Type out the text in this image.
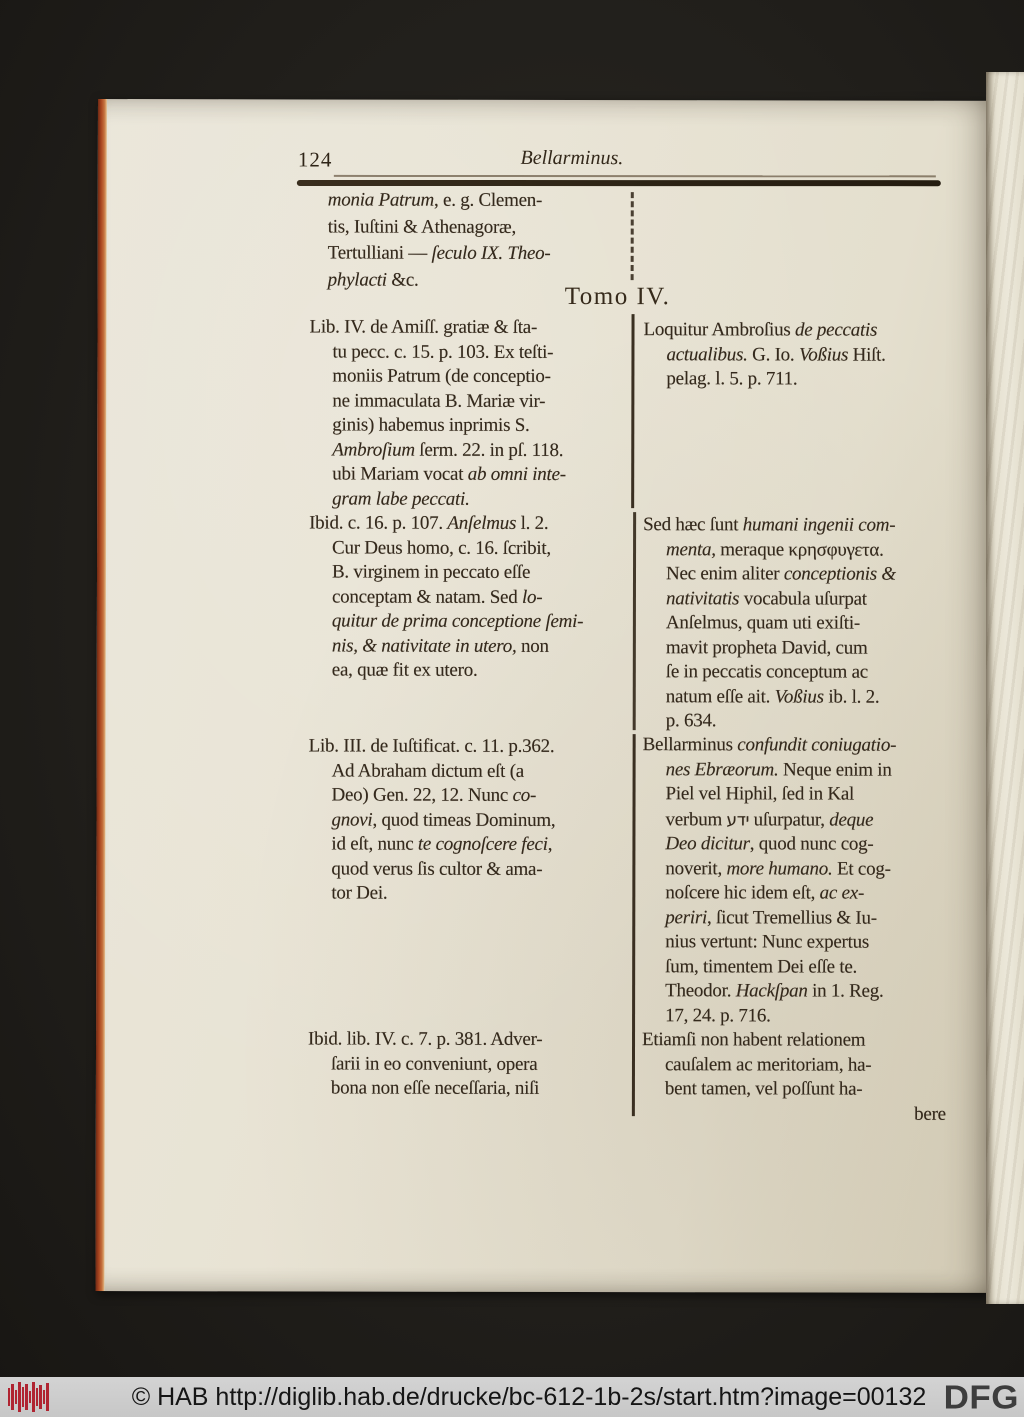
124	Bellarminus.
monia Patrum, e. g. Clemen-
tis, Iuſtini & Athenagoræ,
Tertulliani — ſeculo IX. Theo-
phylacti &c.
Tomo IV.
Lib. IV. de Amiſſ. gratiæ & ſta-
tu pecc. c. 15. p. 103. Ex teſti-
moniis Patrum (de conceptio-
ne immaculata B. Mariæ vir-
ginis) habemus inprimis S.
Ambroſium ſerm. 22. in pſ. 118.
ubi Mariam vocat ab omni inte-
gram labe peccati.
Ibid. c. 16. p. 107. Anſelmus l. 2.
Cur Deus homo, c. 16. ſcribit,
B. virginem in peccato eſſe
conceptam & natam. Sed lo-
quitur de prima conceptione ſemi-
nis, & nativitate in utero, non
ea, quæ fit ex utero.
Lib. III. de Iuſtificat. c. 11. p.362.
Ad Abraham dictum eſt (a
Deo) Gen. 22, 12. Nunc co-
gnovi, quod timeas Dominum,
id eſt, nunc te cognoſcere feci,
quod verus ſis cultor & ama-
tor Dei.
Ibid. lib. IV. c. 7. p. 381. Adver-
ſarii in eo conveniunt, opera
bona non eſſe neceſſaria, niſi
Loquitur Ambroſius de peccatis
actualibus. G. Io. Voßius Hiſt.
pelag. l. 5. p. 711.
Sed hæc ſunt humani ingenii com-
menta, meraque κρησφυγετα.
Nec enim aliter conceptionis &
nativitatis vocabula uſurpat
Anſelmus, quam uti exiſti-
mavit propheta David, cum
ſe in peccatis conceptum ac
natum eſſe ait. Voßius ib. l. 2.
p. 634.
Bellarminus confundit coniugatio-
nes Ebræorum. Neque enim in
Piel vel Hiphil, ſed in Kal
verbum ידע uſurpatur, deque
Deo dicitur, quod nunc cog-
noverit, more humano. Et cog-
noſcere hic idem eſt, ac ex-
periri, ſicut Tremellius & Iu-
nius vertunt: Nunc expertus
ſum, timentem Dei eſſe te.
Theodor. Hackſpan in 1. Reg.
17, 24. p. 716.
Etiamſi non habent relationem
cauſalem ac meritoriam, ha-
bent tamen, vel poſſunt ha-
bere
© HAB http://diglib.hab.de/drucke/bc-612-1b-2s/start.htm?image=00132 DFG
